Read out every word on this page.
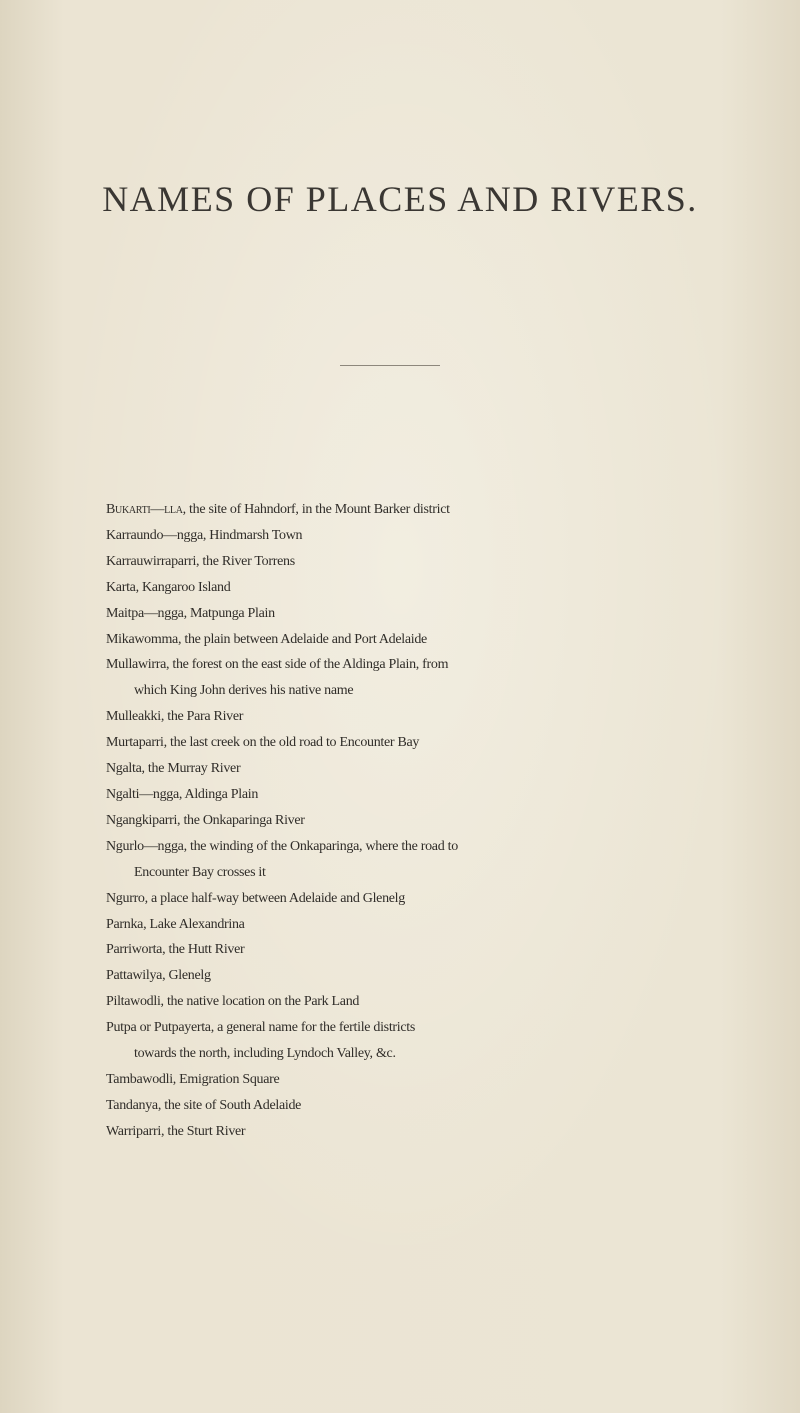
NAMES OF PLACES AND RIVERS.

Bukarti—lla, the site of Hahndorf, in the Mount Barker district

Karraundo—ngga, Hindmarsh Town

Karrauwirraparri, the River Torrens

Karta, Kangaroo Island

Maitpa—ngga, Matpunga Plain

Mikawomma, the plain between Adelaide and Port Adelaide

Mullawirra, the forest on the east side of the Aldinga Plain, from
which King John derives his native name

Mulleakki, the Para River

Murtaparri, the last creek on the old road to Encounter Bay

Ngalta, the Murray River

Ngalti—ngga, Aldinga Plain

Ngangkiparri, the Onkaparinga River

Ngurlo—ngga, the winding of the Onkaparinga, where the road to
Encounter Bay crosses it

Ngurro, a place half-way between Adelaide and Glenelg

Parnka, Lake Alexandrina

Parriworta, the Hutt River

Pattawilya, Glenelg

Piltawodli, the native location on the Park Land

Putpa or Putpayerta, a general name for the fertile districts
towards the north, including Lyndoch Valley, &c.

Tambawodli, Emigration Square

Tandanya, the site of South Adelaide

Warriparri, the Sturt River
